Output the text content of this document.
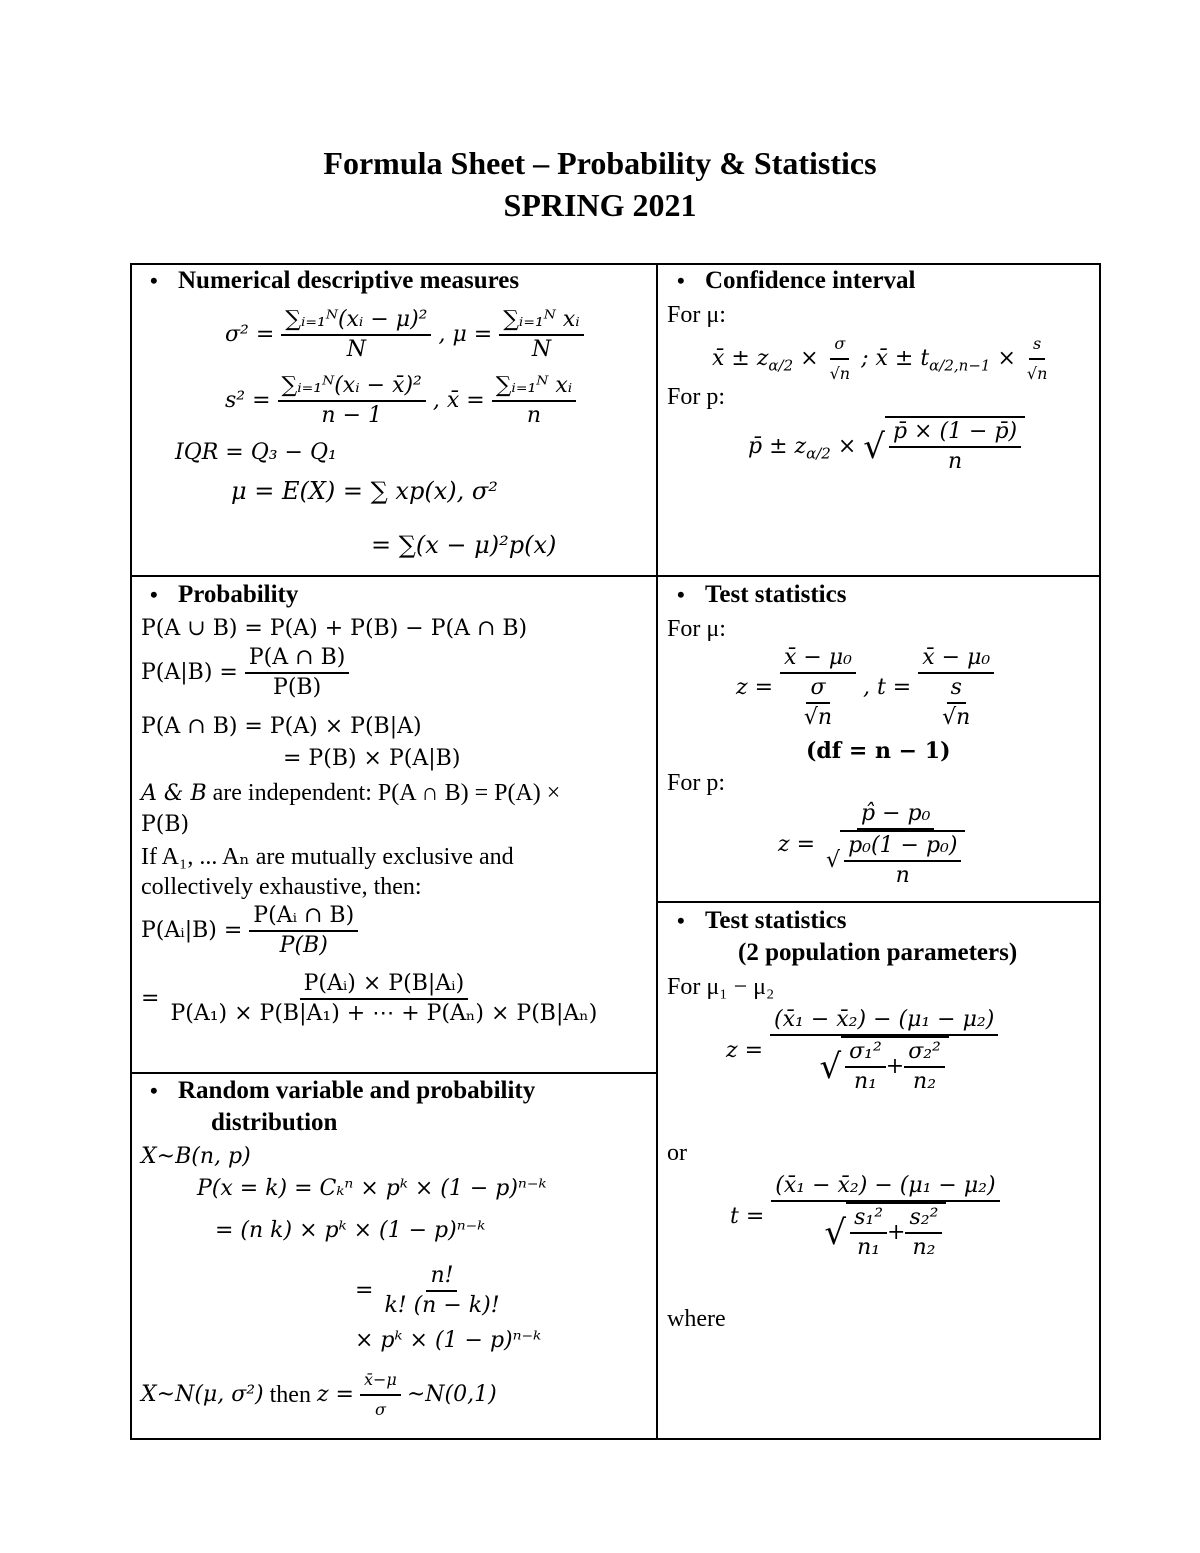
Formula Sheet – Probability & Statistics
SPRING 2021
• Numerical descriptive measures
$\sigma^2 = \frac{\text{∑ᵢ₌₁ᴺ(xᵢ − μ)²}}{N}$ , $\mu = \frac{\text{∑ᵢ₌₁ᴺ xᵢ}}{N}$
$s^2 = \frac{\text{∑ᵢ₌₁ᴺ(xᵢ − x̄)²}}{n - 1}$ , x̄ = $\frac{\text{∑ᵢ₌₁ᴺ xᵢ}}{n}$
IQR = Q₃ − Q₁
μ = E(X) = ∑ xp(x), σ²
= ∑(x − μ)²p(x)
• Confidence interval
For μ:
x̄ ± $z_{\alpha/2} \times \frac{\sigma}{√n}$ ; x̄ ± $t_{\alpha/2,n-1} \times \frac{s}{√n}$
For p:
p̄ ± $z_{\alpha/2}$ × √ $\frac{p̄ \times (1 - p̄)}{n}$
• Probability
P(A ∪ B) = P(A) + P(B) − P(A ∩ B)
$P(A|B) = \frac{P(A \cap B)}{P(B)}$
P(A ∩ B) = P(A) × P(B|A)
= P(B) × P(A|B)
A & B are independent: P(A ∩ B) = P(A) ×
P(B)
If A₁, ... Aₙ are mutually exclusive and
collectively exhaustive, then:
P(Aᵢ|B) = $\frac{\text{P(Aᵢ ∩ B)}}{P(B)}$
= $\frac{\text{P(Aᵢ) × P(B|Aᵢ)}}{\text{P(A₁) × P(B|A₁) + ⋯ + P(Aₙ) × P(B|Aₙ)}}$
• Test statistics
For μ:
$z = \frac{\text{x̄ − μ₀}}{\frac{\sigma}{√n}}$ , $t = \frac{\text{x̄ − μ₀}}{\frac{s}{√n}}$
(df = n − 1)
For p:
$z = \frac{\text{p̂ − p₀}}{√ \frac{\text{p₀(1 − p₀)}}{n}}$
• Test statistics
(2 population parameters)
For μ₁ − μ₂
$z = \frac{\text{(x̄₁ − x̄₂) − (μ₁ − μ₂)}}{√ \frac{\text{σ₁²}}{\text{n₁}} + \frac{\text{σ₂²}}{\text{n₂}}}$
or
$t = \frac{\text{(x̄₁ − x̄₂) − (μ₁ − μ₂)}}{√ \frac{\text{s₁²}}{\text{n₁}} + \frac{\text{s₂²}}{\text{n₂}}}$
where
• Random variable and probability
distribution
X~B(n, p)
P(x = k) = Cₖⁿ × pᵏ × (1 − p)ⁿ⁻ᵏ
= (n k) × pᵏ × (1 − p)ⁿ⁻ᵏ
= $\frac{n!}{k! (n - k)!}$
× pᵏ × (1 − p)ⁿ⁻ᵏ
X~N(μ, σ²) then $z = \frac{x̄-\mu}{\sigma}$ ~N(0,1)
